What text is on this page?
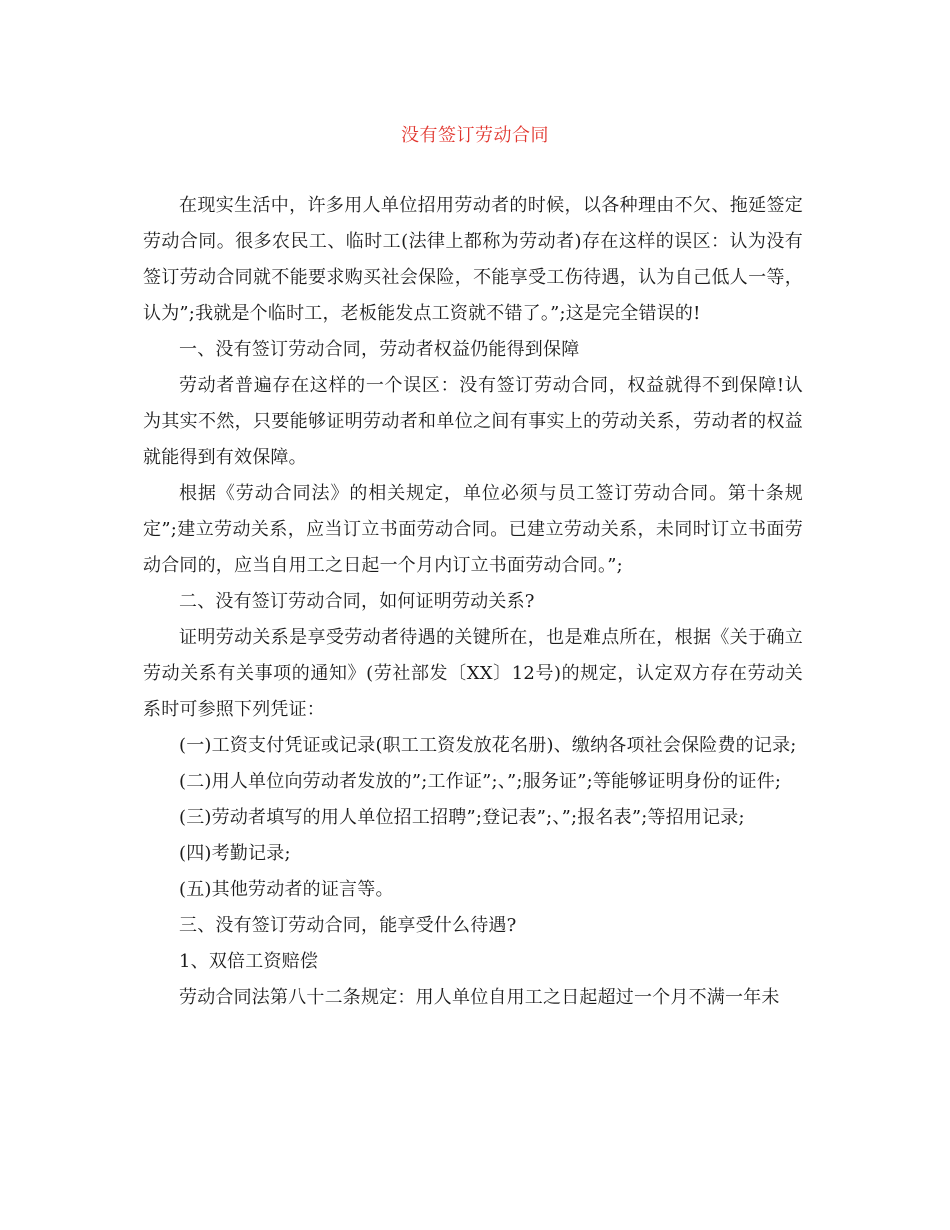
没有签订劳动合同

在现实生活中，许多用人单位招用劳动者的时候，以各种理由不欠、拖延签定劳动合同。很多农民工、临时工(法律上都称为劳动者)存在这样的误区：认为没有签订劳动合同就不能要求购买社会保险，不能享受工伤待遇，认为自己低人一等，认为”;我就是个临时工，老板能发点工资就不错了。”;这是完全错误的!

一、没有签订劳动合同，劳动者权益仍能得到保障

劳动者普遍存在这样的一个误区：没有签订劳动合同，权益就得不到保障!认为其实不然，只要能够证明劳动者和单位之间有事实上的劳动关系，劳动者的权益就能得到有效保障。

根据《劳动合同法》的相关规定，单位必须与员工签订劳动合同。第十条规定”;建立劳动关系，应当订立书面劳动合同。已建立劳动关系，未同时订立书面劳动合同的，应当自用工之日起一个月内订立书面劳动合同。”;

二、没有签订劳动合同，如何证明劳动关系?

证明劳动关系是享受劳动者待遇的关键所在，也是难点所在，根据《关于确立劳动关系有关事项的通知》(劳社部发〔XX〕12号)的规定，认定双方存在劳动关系时可参照下列凭证：

(一)工资支付凭证或记录(职工工资发放花名册)、缴纳各项社会保险费的记录;

(二)用人单位向劳动者发放的”;工作证”;、”;服务证”;等能够证明身份的证件;

(三)劳动者填写的用人单位招工招聘”;登记表”;、”;报名表”;等招用记录;

(四)考勤记录;

(五)其他劳动者的证言等。

三、没有签订劳动合同，能享受什么待遇?

1、双倍工资赔偿

劳动合同法第八十二条规定：用人单位自用工之日起超过一个月不满一年未
